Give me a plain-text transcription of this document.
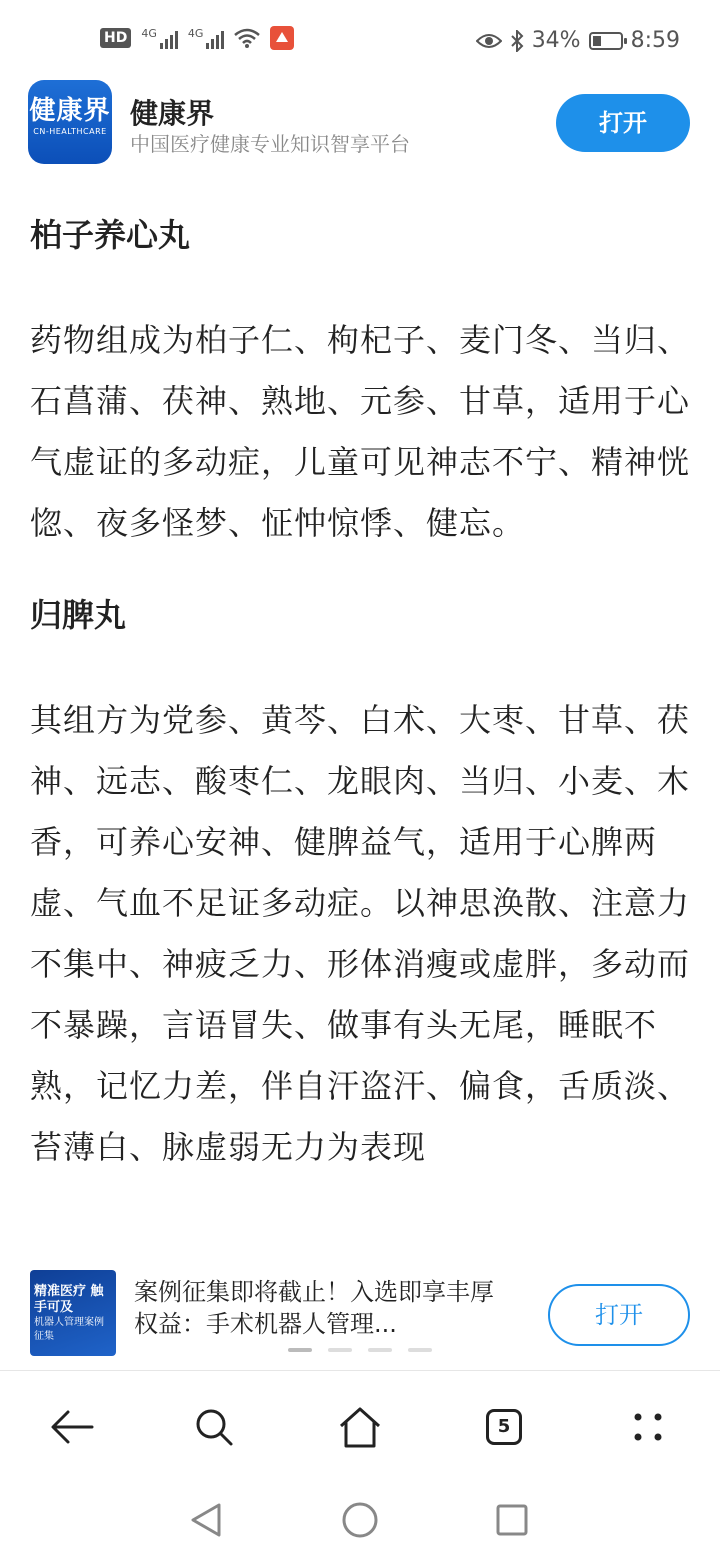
HD	4G	4G	34% 8:59
健康界
CN-HEALTHCARE
健康界
中国医疗健康专业知识智享平台
打开
柏子养心丸

药物组成为柏子仁、枸杞子、麦门冬、当归、石菖蒲、茯神、熟地、元参、甘草，适用于心气虚证的多动症，儿童可见神志不宁、精神恍惚、夜多怪梦、怔忡惊悸、健忘。

归脾丸

其组方为党参、黄芩、白术、大枣、甘草、茯神、远志、酸枣仁、龙眼肉、当归、小麦、木香，可养心安神、健脾益气，适用于心脾两虚、气血不足证多动症。以神思涣散、注意力不集中、神疲乏力、形体消瘦或虚胖，多动而不暴躁，言语冒失、做事有头无尾，睡眠不熟，记忆力差，伴自汗盗汗、偏食，舌质淡、苔薄白、脉虚弱无力为表现

精准医疗 触手可及
机器人管理案例征集
案例征集即将截止！入选即享丰厚权益：手术机器人管理...	打开
5
